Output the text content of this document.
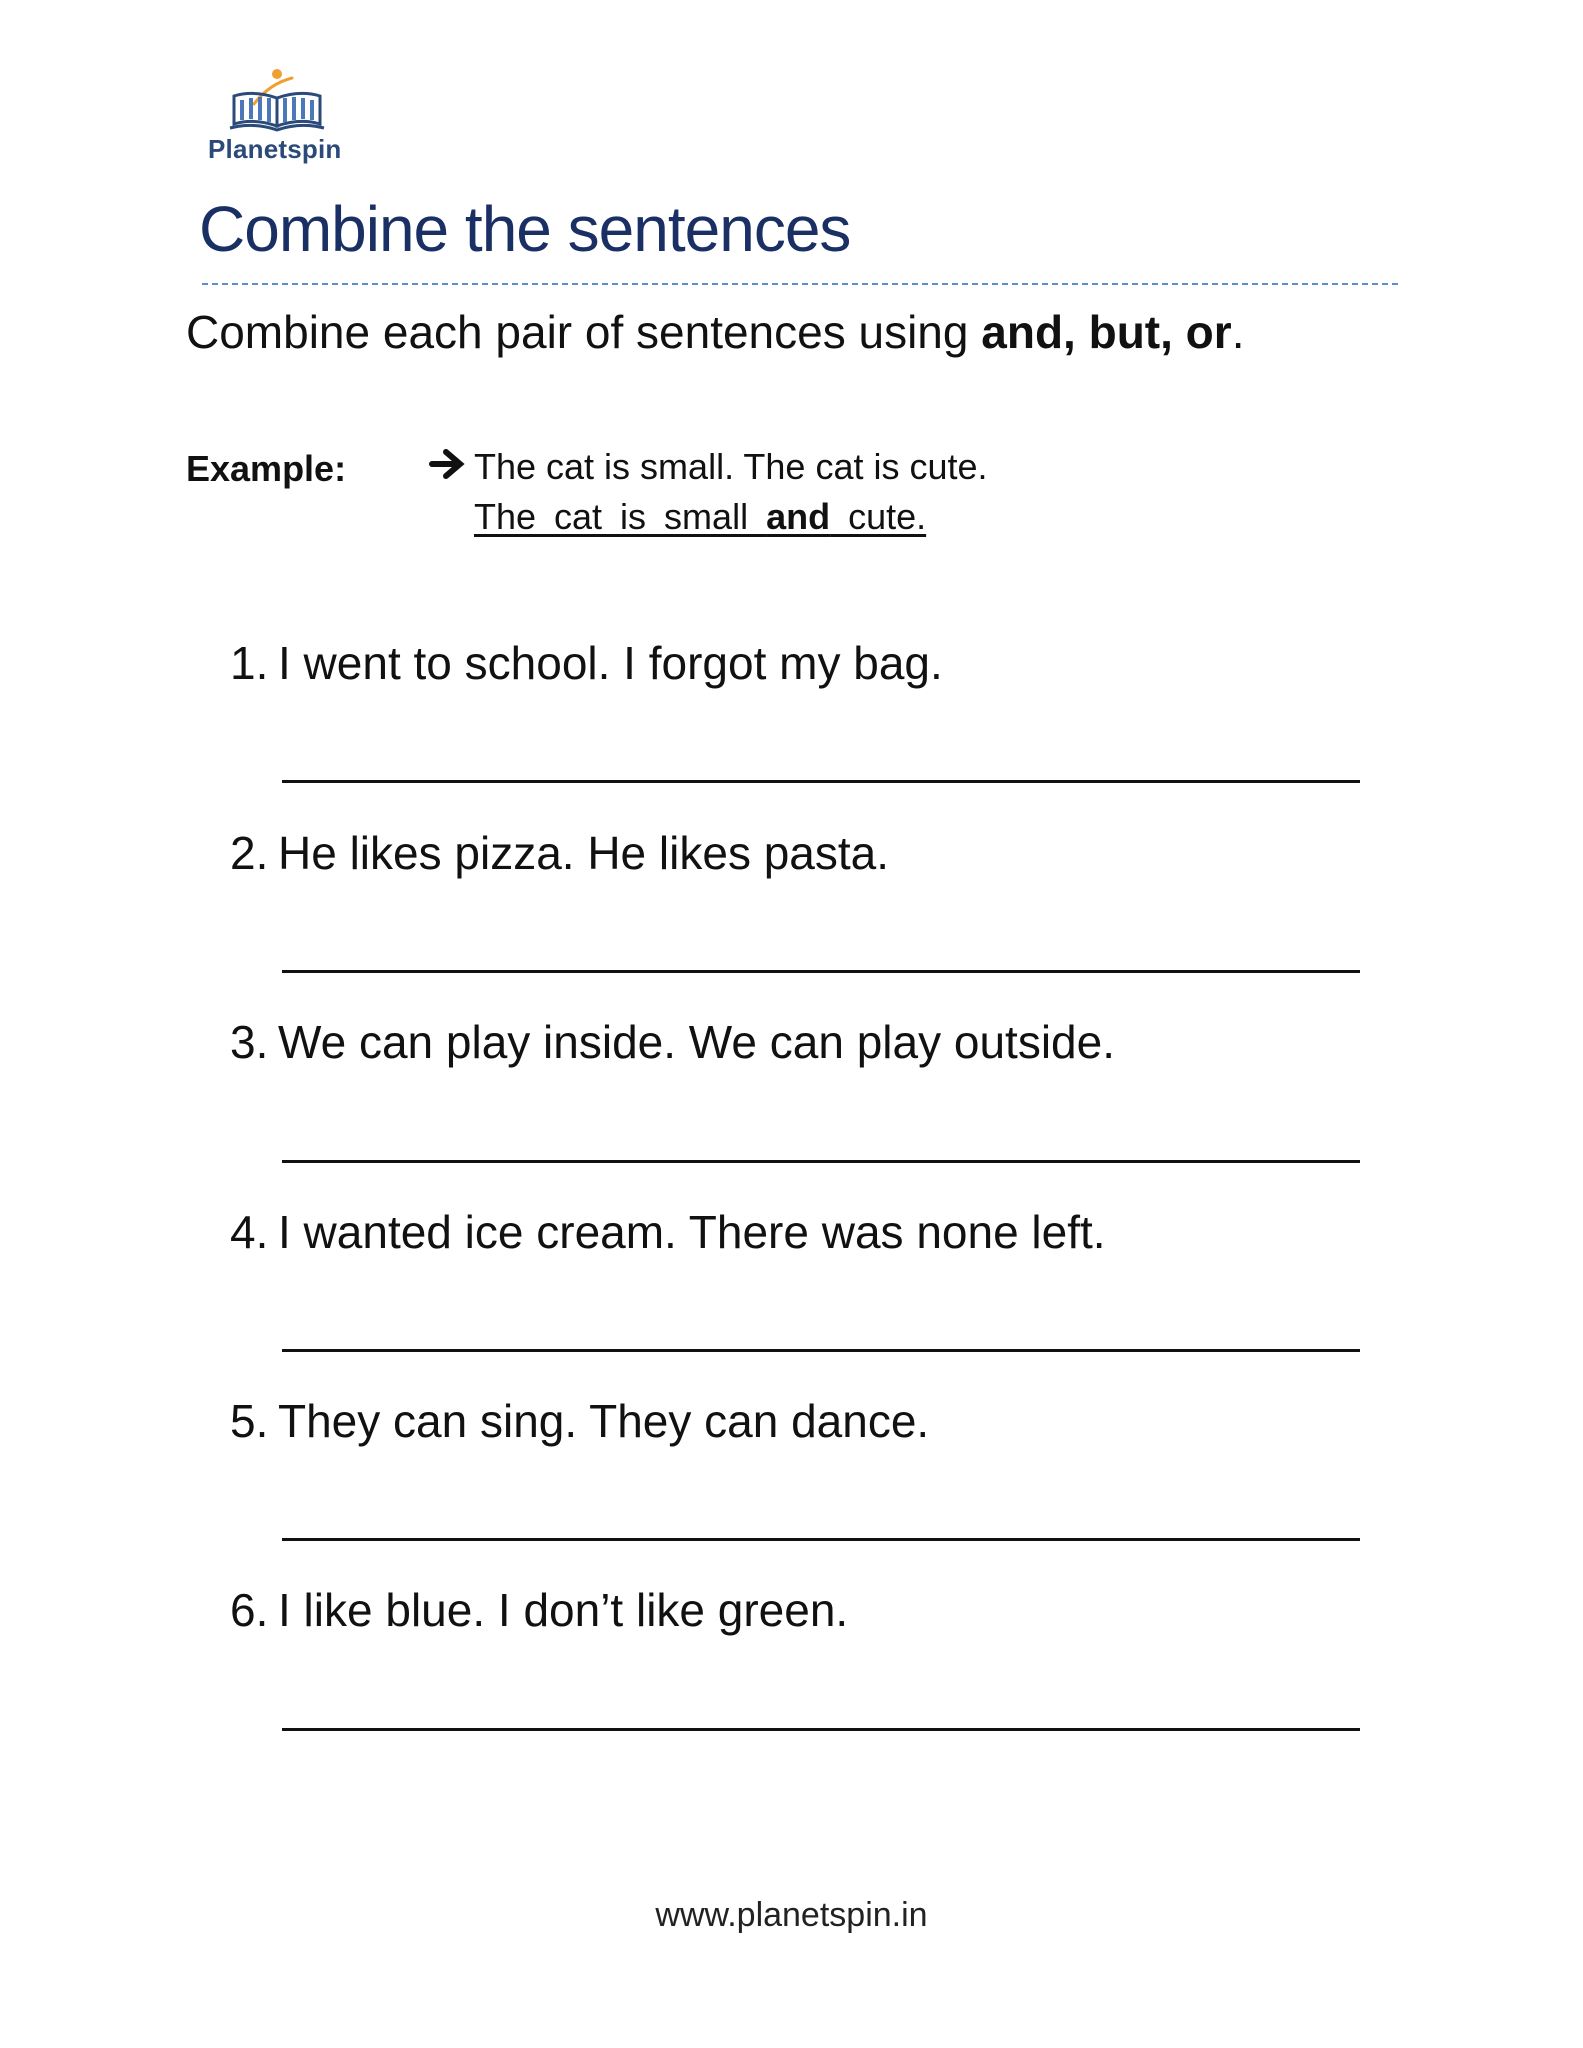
Planetspin
Combine the sentences
Combine each pair of sentences using and, but, or.
Example:	The cat is small. The cat is cute.
The cat is small and cute.
1. I went to school. I forgot my bag.
2. He likes pizza. He likes pasta.
3. We can play inside. We can play outside.
4. I wanted ice cream. There was none left.
5. They can sing. They can dance.
6. I like blue. I don’t like green.
www.planetspin.in
